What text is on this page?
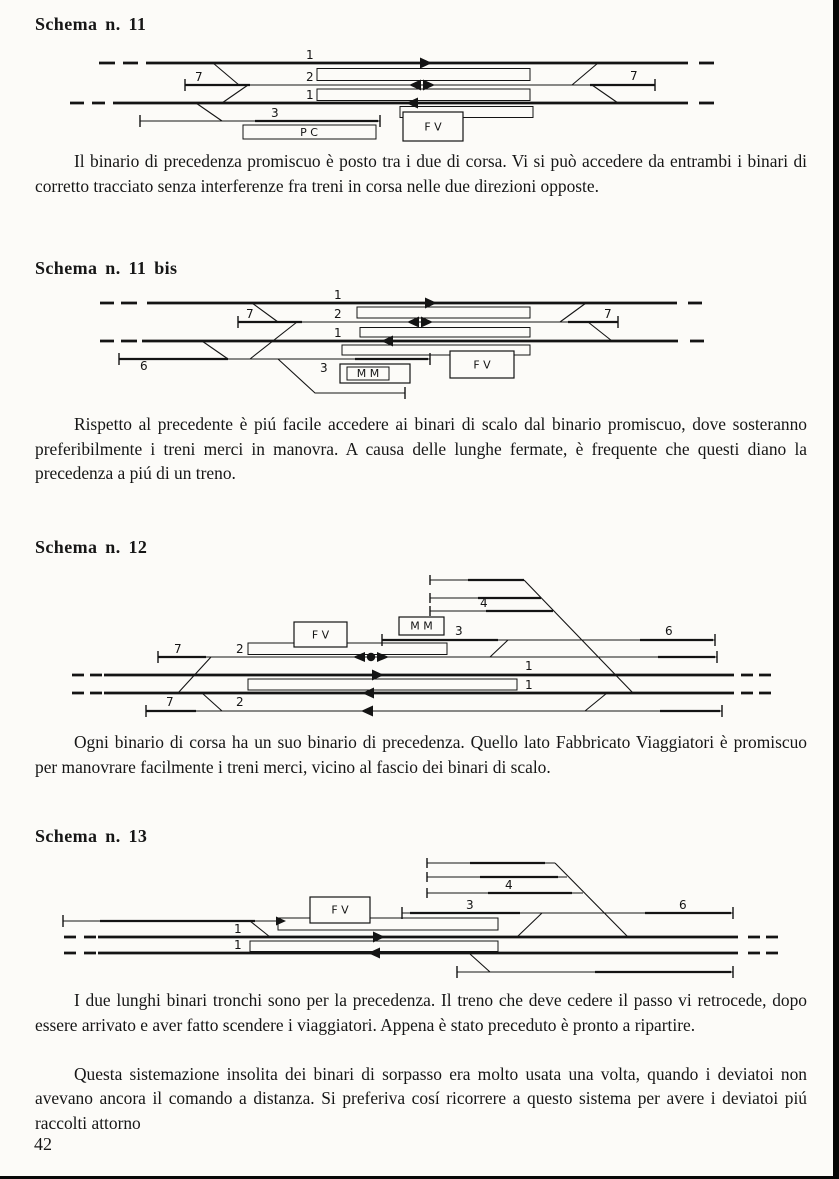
Schema n. 11
1
2
1
7	7
3
P C	F V

Il binario di precedenza promiscuo è posto tra i due di corsa. Vi si può accedere da entrambi i binari di corretto tracciato senza interferenze fra treni in corsa nelle due direzioni opposte.

Schema n. 11 bis
1
7	2	7
1
6	3	M M
F V

Rispetto al precedente è piú facile accedere ai binari di scalo dal binario promiscuo, dove sosteranno preferibilmente i treni merci in manovra. A causa delle lunghe fermate, è frequente che questi diano la precedenza a piú di un treno.

Schema n. 12
4
3	6
7	2
1
1
7	2
M M
F V

Ogni binario di corsa ha un suo binario di precedenza. Quello lato Fabbricato Viaggiatori è promiscuo per manovrare facilmente i treni merci, vicino al fascio dei binari di scalo.

Schema n. 13
4
3	6
1
1
F V

I due lunghi binari tronchi sono per la precedenza. Il treno che deve cedere il passo vi retrocede, dopo essere arrivato e aver fatto scendere i viaggiatori. Appena è stato preceduto è pronto a ripartire.

Questa sistemazione insolita dei binari di sorpasso era molto usata una volta, quando i deviatoi non avevano ancora il comando a distanza. Si preferiva cosí ricorrere a questo sistema per avere i deviatoi piú raccolti attorno

42
